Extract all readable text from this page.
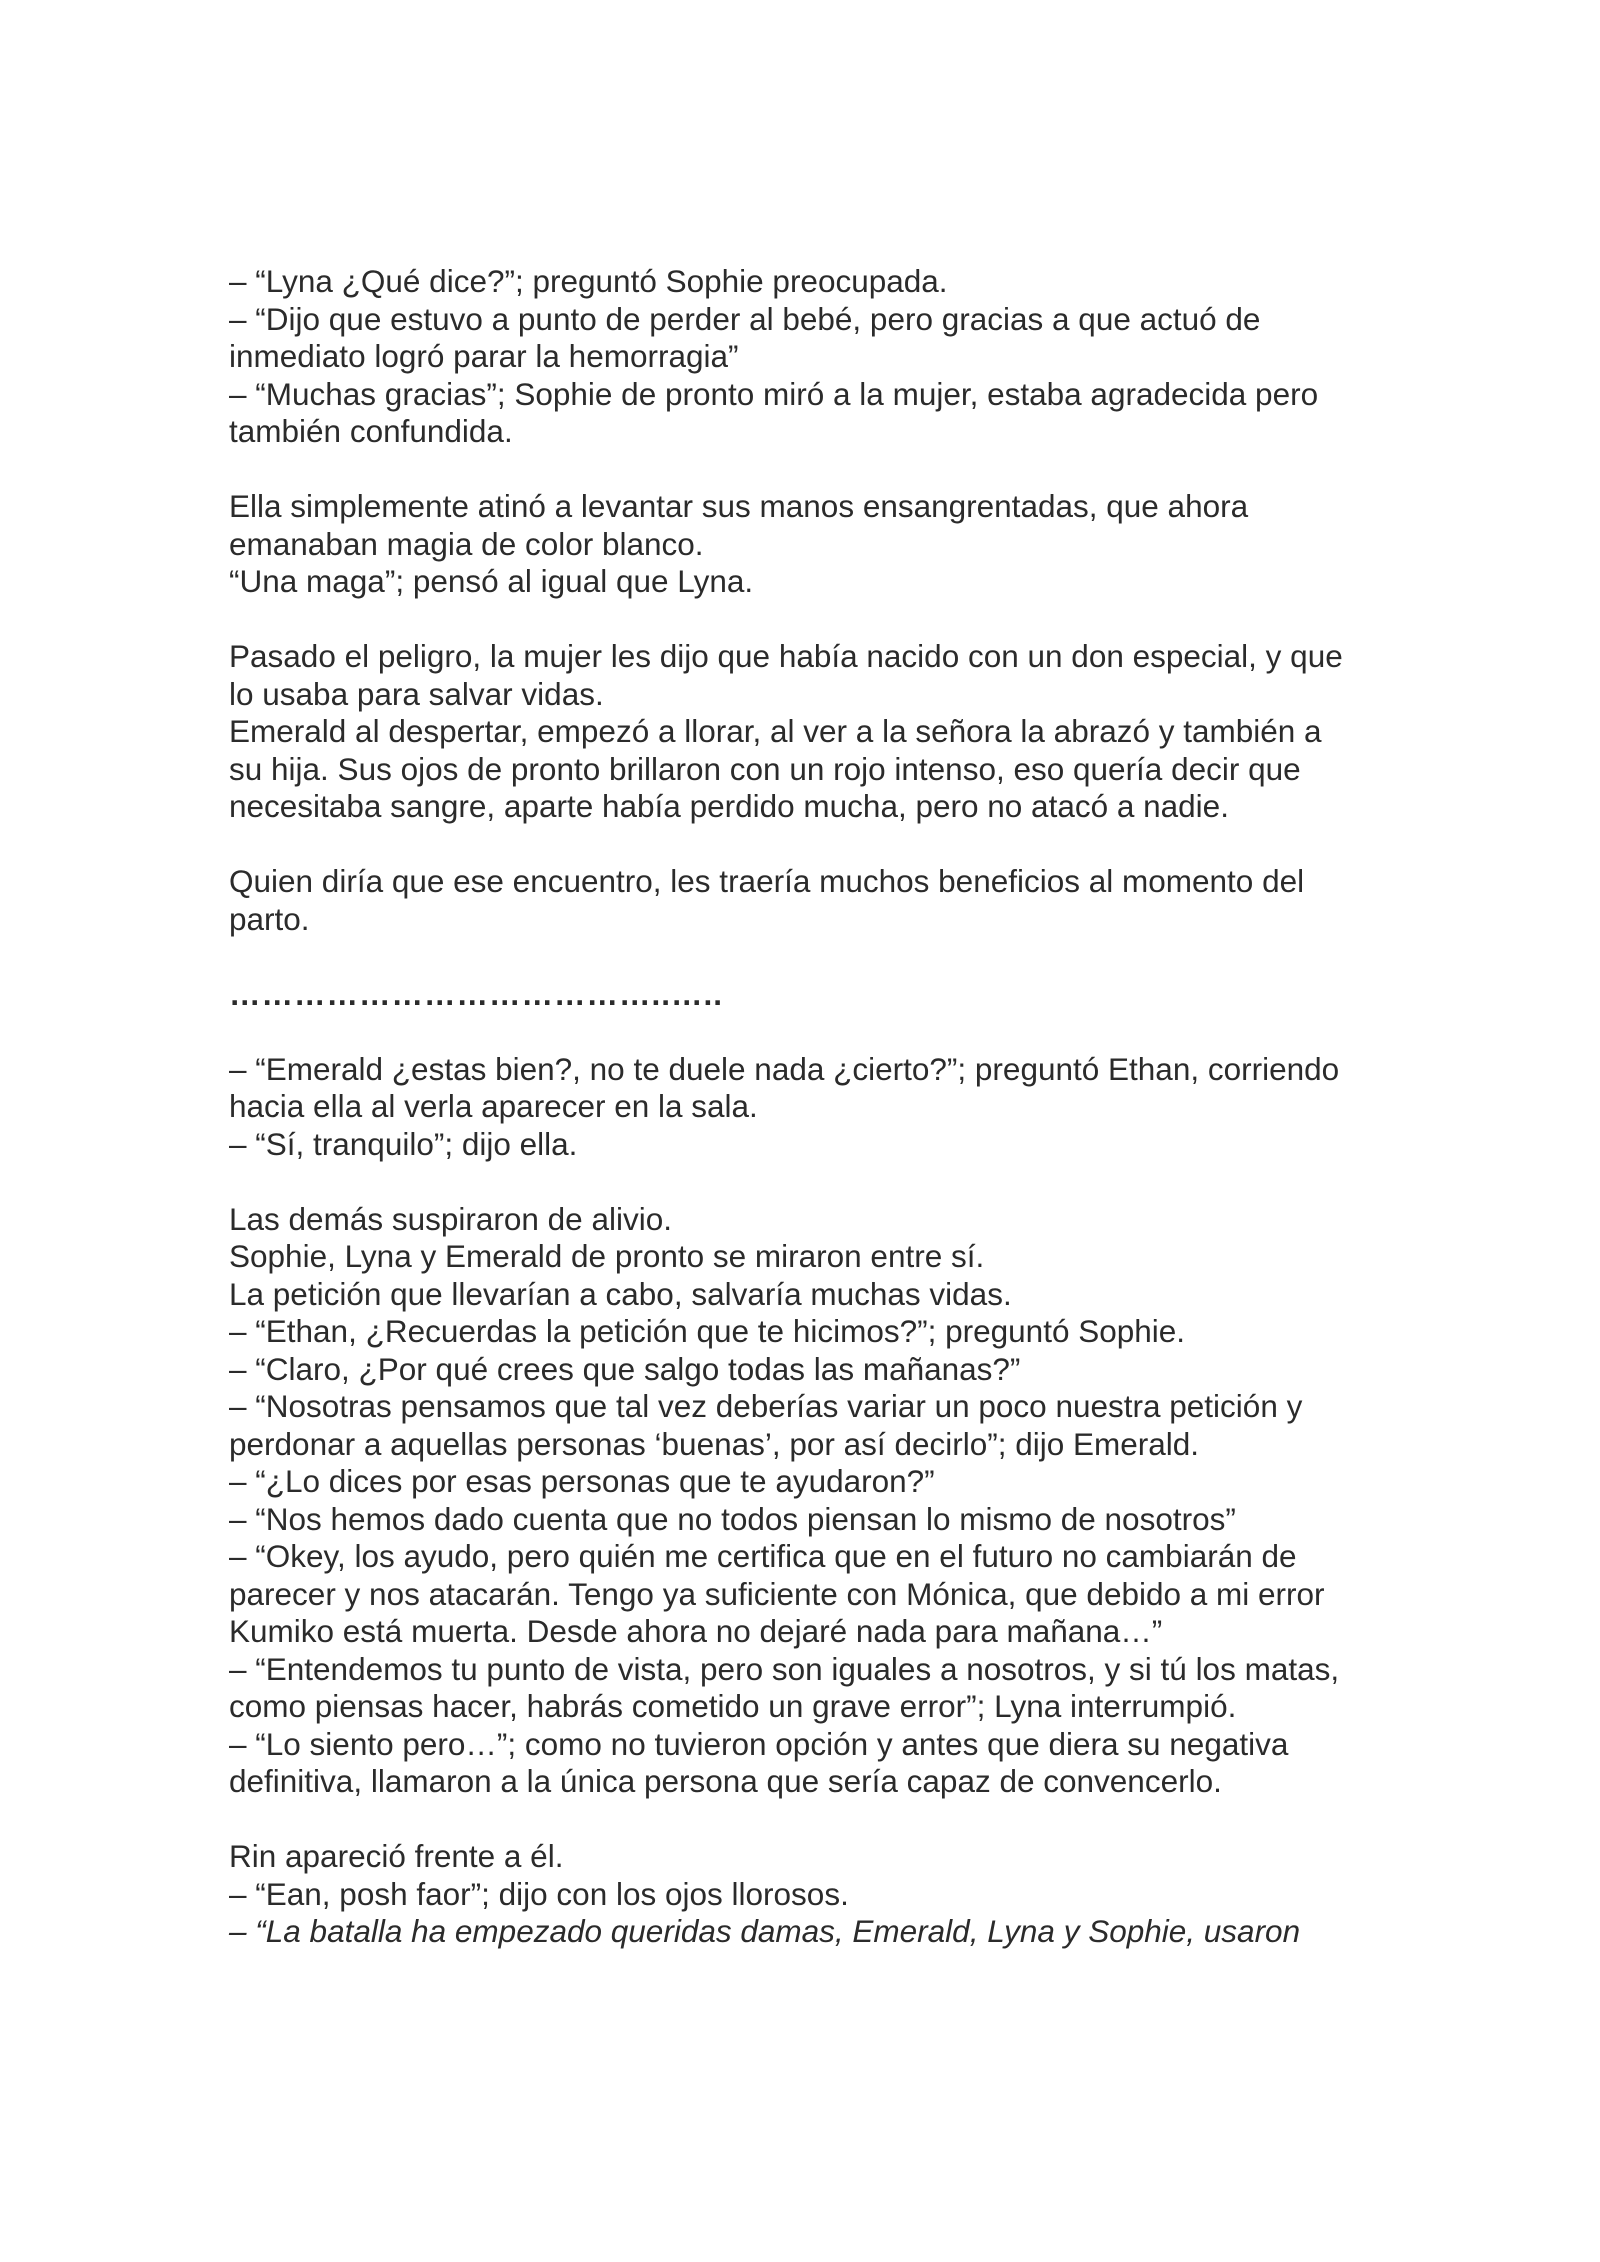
– “Lyna ¿Qué dice?”; preguntó Sophie preocupada.
– “Dijo que estuvo a punto de perder al bebé, pero gracias a que actuó de
inmediato logró parar la hemorragia”
– “Muchas gracias”; Sophie de pronto miró a la mujer, estaba agradecida pero
también confundida.
Ella simplemente atinó a levantar sus manos ensangrentadas, que ahora
emanaban magia de color blanco.
“Una maga”; pensó al igual que Lyna.
Pasado el peligro, la mujer les dijo que había nacido con un don especial, y que
lo usaba para salvar vidas.
Emerald al despertar, empezó a llorar, al ver a la señora la abrazó y también a
su hija. Sus ojos de pronto brillaron con un rojo intenso, eso quería decir que
necesitaba sangre, aparte había perdido mucha, pero no atacó a nadie.
Quien diría que ese encuentro, les traería muchos beneficios al momento del
parto.
…………………………………..…..
– “Emerald ¿estas bien?, no te duele nada ¿cierto?”; preguntó Ethan, corriendo
hacia ella al verla aparecer en la sala.
– “Sí, tranquilo”; dijo ella.
Las demás suspiraron de alivio.
Sophie, Lyna y Emerald de pronto se miraron entre sí.
La petición que llevarían a cabo, salvaría muchas vidas.
– “Ethan, ¿Recuerdas la petición que te hicimos?”; preguntó Sophie.
– “Claro, ¿Por qué crees que salgo todas las mañanas?”
– “Nosotras pensamos que tal vez deberías variar un poco nuestra petición y
perdonar a aquellas personas ‘buenas’, por así decirlo”; dijo Emerald.
– “¿Lo dices por esas personas que te ayudaron?”
– “Nos hemos dado cuenta que no todos piensan lo mismo de nosotros”
– “Okey, los ayudo, pero quién me certifica que en el futuro no cambiarán de
parecer y nos atacarán. Tengo ya suficiente con Mónica, que debido a mi error
Kumiko está muerta. Desde ahora no dejaré nada para mañana…”
– “Entendemos tu punto de vista, pero son iguales a nosotros, y si tú los matas,
como piensas hacer, habrás cometido un grave error”; Lyna interrumpió.
– “Lo siento pero…”; como no tuvieron opción y antes que diera su negativa
definitiva, llamaron a la única persona que sería capaz de convencerlo.
Rin apareció frente a él.
– “Ean, posh faor”; dijo con los ojos llorosos.
– “La batalla ha empezado queridas damas, Emerald, Lyna y Sophie, usaron
